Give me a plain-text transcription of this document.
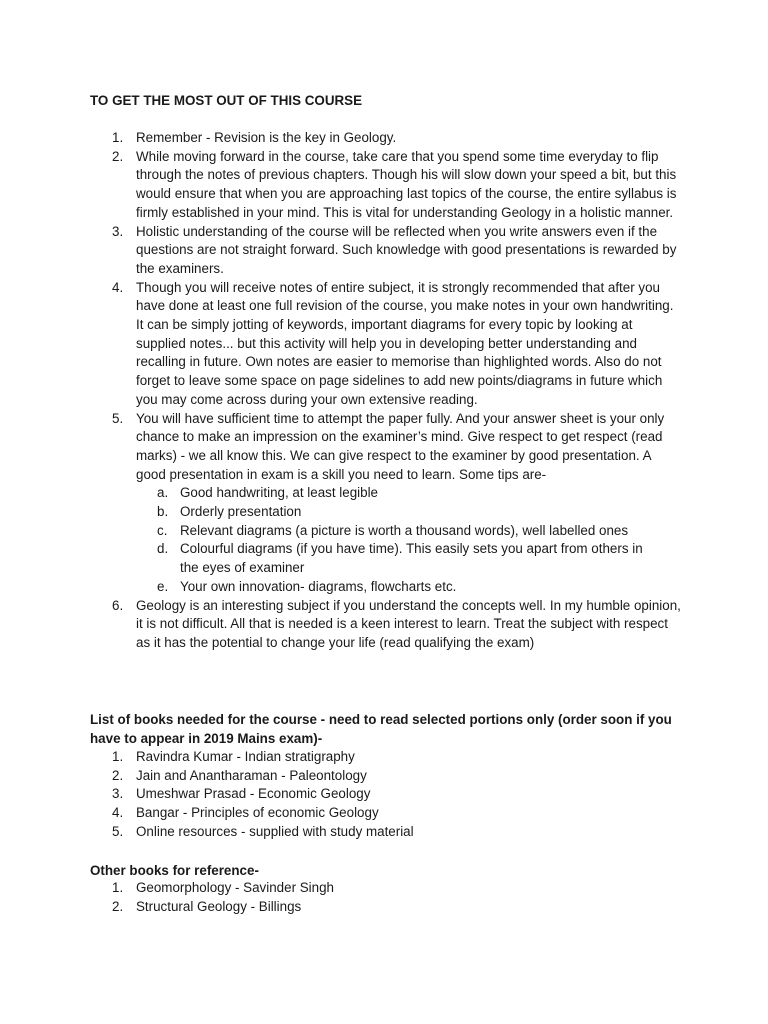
TO GET THE MOST OUT OF THIS COURSE
1. Remember - Revision is the key in Geology.
2. While moving forward in the course, take care that you spend some time everyday to flip through the notes of previous chapters. Though his will slow down your speed a bit, but this would ensure that when you are approaching last topics of the course, the entire syllabus is firmly established in your mind. This is vital for understanding Geology in a holistic manner.
3. Holistic understanding of the course will be reflected when you write answers even if the questions are not straight forward. Such knowledge with good presentations is rewarded by the examiners.
4. Though you will receive notes of entire subject, it is strongly recommended that after you have done at least one full revision of the course, you make notes in your own handwriting. It can be simply jotting of keywords, important diagrams for every topic by looking at supplied notes... but this activity will help you in developing better understanding and recalling in future. Own notes are easier to memorise than highlighted words. Also do not forget to leave some space on page sidelines to add new points/diagrams in future which you may come across during your own extensive reading.
5. You will have sufficient time to attempt the paper fully. And your answer sheet is your only chance to make an impression on the examiner’s mind. Give respect to get respect (read marks) - we all know this. We can give respect to the examiner by good presentation. A good presentation in exam is a skill you need to learn. Some tips are-
a. Good handwriting, at least legible
b. Orderly presentation
c. Relevant diagrams (a picture is worth a thousand words), well labelled ones
d. Colourful diagrams (if you have time). This easily sets you apart from others in the eyes of examiner
e. Your own innovation- diagrams, flowcharts etc.
6. Geology is an interesting subject if you understand the concepts well. In my humble opinion, it is not difficult. All that is needed is a keen interest to learn. Treat the subject with respect as it has the potential to change your life (read qualifying the exam)
List of books needed for the course - need to read selected portions only (order soon if you have to appear in 2019 Mains exam)-
1. Ravindra Kumar - Indian stratigraphy
2. Jain and Anantharaman - Paleontology
3. Umeshwar Prasad - Economic Geology
4. Bangar - Principles of economic Geology
5. Online resources - supplied with study material
Other books for reference-
1. Geomorphology - Savinder Singh
2. Structural Geology - Billings
